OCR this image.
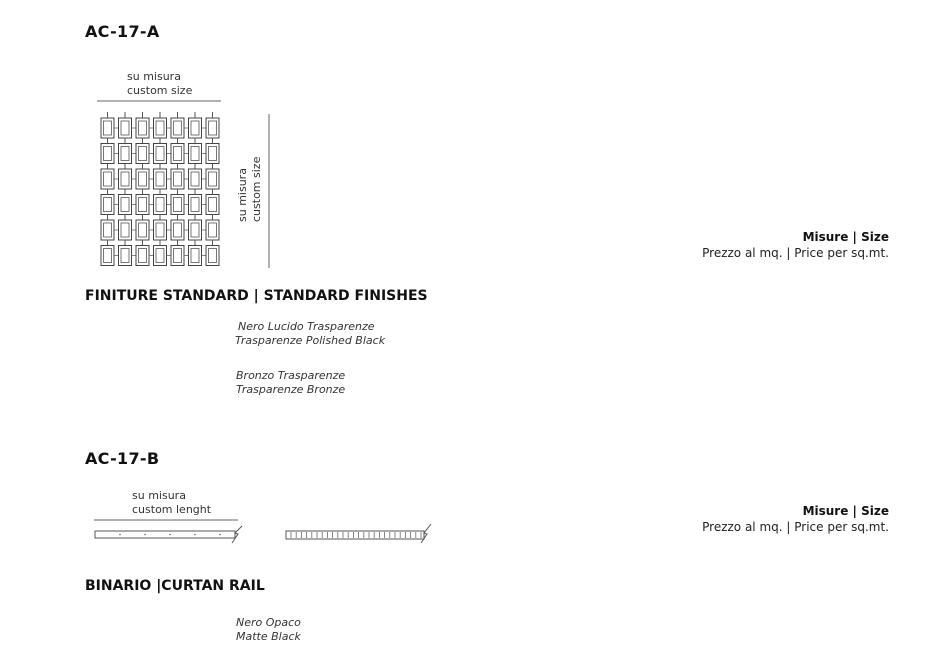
AC-17-A
su misura
custom size
su misura custom size
Misure | Size
Prezzo al mq. | Price per sq.mt.
FINITURE STANDARD | STANDARD FINISHES
Nero Lucido Trasparenze
Trasparenze Polished Black
Bronzo Trasparenze
Trasparenze Bronze
AC-17-B
su misura
custom lenght	Misure | Size
Prezzo al mq. | Price per sq.mt.
BINARIO |CURTAN RAIL
Nero Opaco
Matte Black
